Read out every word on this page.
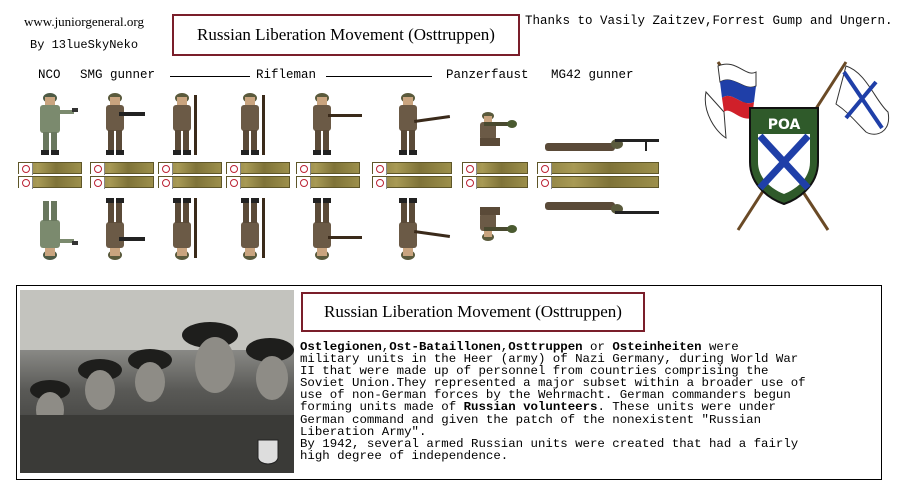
www.juniorgeneral.org
By 13lueSkyNeko
Russian Liberation Movement (Osttruppen)
Thanks to Vasily Zaitzev,Forrest Gump and Ungern.
NCO SMG gunner	Rifleman	Panzerfaust MG42 gunner
POA
Russian Liberation Movement (Osttruppen)
Ostlegionen,Ost-Bataillonen,Osttruppen or Osteinheiten were
military units in the Heer (army) of Nazi Germany, during World War
II that were made up of personnel from countries comprising the
Soviet Union.They represented a major subset within a broader use of
use of non-German forces by the Wehrmacht. German commanders begun
forming units made of Russian volunteers. These units were under
German command and given the patch of the nonexistent "Russian
Liberation Army".
By 1942, several armed Russian units were created that had a fairly
high degree of independence.
